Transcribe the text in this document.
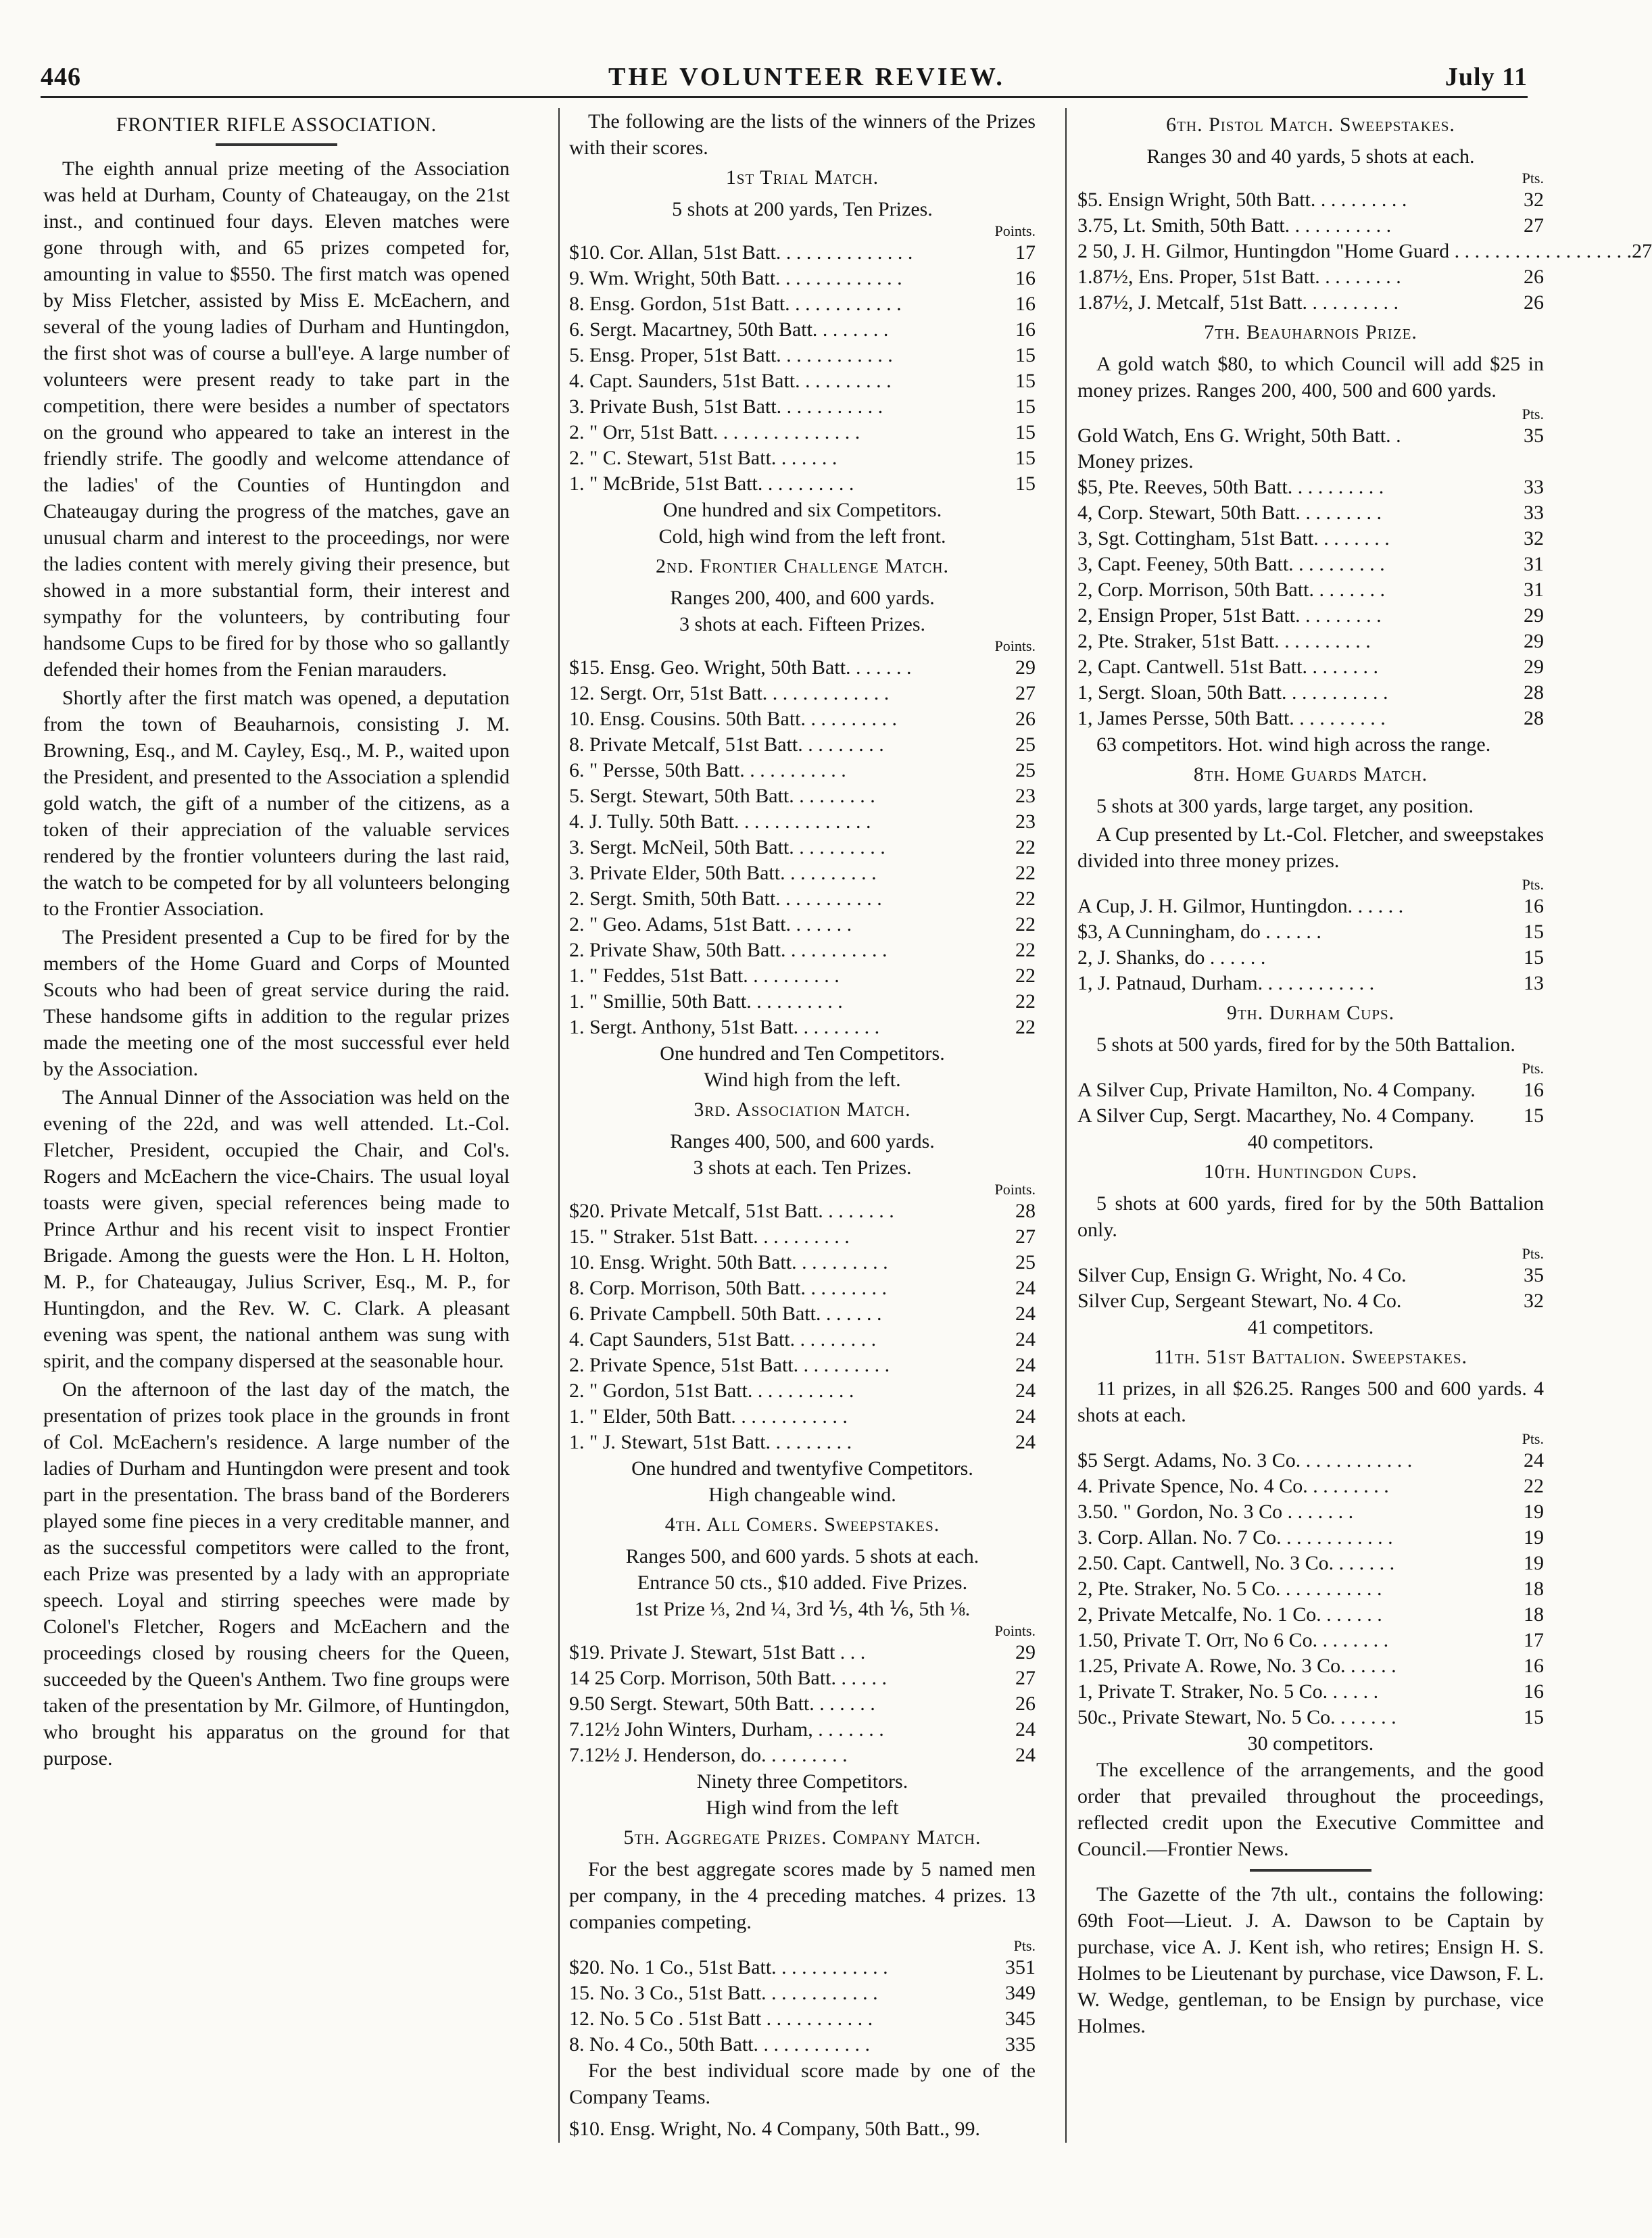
446	THE VOLUNTEER REVIEW.	July 11
FRONTIER RIFLE ASSOCIATION.

The eighth annual prize meeting of the Association was held at Durham, County of Chateaugay, on the 21st inst., and continued four days. Eleven matches were gone through with, and 65 prizes competed for, amounting in value to $550. The first match was opened by Miss Fletcher, assisted by Miss E. McEachern, and several of the young ladies of Durham and Huntingdon, the first shot was of course a bull'eye. A large number of volunteers were present ready to take part in the competition, there were besides a number of spectators on the ground who appeared to take an interest in the friendly strife. The goodly and welcome attendance of the ladies' of the Counties of Huntingdon and Chateaugay during the progress of the matches, gave an unusual charm and interest to the proceedings, nor were the ladies content with merely giving their presence, but showed in a more substantial form, their interest and sympathy for the volunteers, by contributing four handsome Cups to be fired for by those who so gallantly defended their homes from the Fenian marauders.

Shortly after the first match was opened, a deputation from the town of Beauharnois, consisting J. M. Browning, Esq., and M. Cayley, Esq., M. P., waited upon the President, and presented to the Association a splendid gold watch, the gift of a number of the citizens, as a token of their appreciation of the valuable services rendered by the frontier volunteers during the last raid, the watch to be competed for by all volunteers belonging to the Frontier Association.

The President presented a Cup to be fired for by the members of the Home Guard and Corps of Mounted Scouts who had been of great service during the raid. These handsome gifts in addition to the regular prizes made the meeting one of the most successful ever held by the Association.

The Annual Dinner of the Association was held on the evening of the 22d, and was well attended. Lt.-Col. Fletcher, President, occupied the Chair, and Col's. Rogers and McEachern the vice-Chairs. The usual loyal toasts were given, special references being made to Prince Arthur and his recent visit to inspect Frontier Brigade. Among the guests were the Hon. L H. Holton, M. P., for Chateaugay, Julius Scriver, Esq., M. P., for Huntingdon, and the Rev. W. C. Clark. A pleasant evening was spent, the national anthem was sung with spirit, and the company dispersed at the seasonable hour.

On the afternoon of the last day of the match, the presentation of prizes took place in the grounds in front of Col. McEachern's residence. A large number of the ladies of Durham and Huntingdon were present and took part in the presentation. The brass band of the Borderers played some fine pieces in a very creditable manner, and as the successful competitors were called to the front, each Prize was presented by a lady with an appropriate speech. Loyal and stirring speeches were made by Colonel's Fletcher, Rogers and McEachern and the proceedings closed by rousing cheers for the Queen, succeeded by the Queen's Anthem. Two fine groups were taken of the presentation by Mr. Gilmore, of Huntingdon, who brought his apparatus on the ground for that purpose.

The following are the lists of the winners of the Prizes with their scores.

1st Trial Match.
5 shots at 200 yards, Ten Prizes.
Points.
$10. Cor. Allan, 51st Batt. . . . . . . . . . . . . .	17
9. Wm. Wright, 50th Batt. . . . . . . . . . . . .	16
8. Ensg. Gordon, 51st Batt. . . . . . . . . . . .	16
6. Sergt. Macartney, 50th Batt. . . . . . . .	16
5. Ensg. Proper, 51st Batt. . . . . . . . . . . .	15
4. Capt. Saunders, 51st Batt. . . . . . . . . .	15
3. Private Bush, 51st Batt. . . . . . . . . . .	15
2. " Orr, 51st Batt. . . . . . . . . . . . . . .	15
2. " C. Stewart, 51st Batt. . . . . . .	15
1. " McBride, 51st Batt. . . . . . . . . .	15
One hundred and six Competitors.
Cold, high wind from the left front.
2nd. Frontier Challenge Match.
Ranges 200, 400, and 600 yards.
3 shots at each. Fifteen Prizes.
Points.
$15. Ensg. Geo. Wright, 50th Batt. . . . . . .	29
12. Sergt. Orr, 51st Batt. . . . . . . . . . . . .	27
10. Ensg. Cousins. 50th Batt. . . . . . . . . .	26
8. Private Metcalf, 51st Batt. . . . . . . . .	25
6. " Persse, 50th Batt. . . . . . . . . . .	25
5. Sergt. Stewart, 50th Batt. . . . . . . . .	23
4. J. Tully. 50th Batt. . . . . . . . . . . . . .	23
3. Sergt. McNeil, 50th Batt. . . . . . . . . .	22
3. Private Elder, 50th Batt. . . . . . . . . .	22
2. Sergt. Smith, 50th Batt. . . . . . . . . . .	22
2. " Geo. Adams, 51st Batt. . . . . . .	22
2. Private Shaw, 50th Batt. . . . . . . . . . .	22
1. " Feddes, 51st Batt. . . . . . . . . .	22
1. " Smillie, 50th Batt. . . . . . . . . .	22
1. Sergt. Anthony, 51st Batt. . . . . . . . .	22
One hundred and Ten Competitors.
Wind high from the left.
3rd. Association Match.
Ranges 400, 500, and 600 yards.
3 shots at each. Ten Prizes.
Points.
$20. Private Metcalf, 51st Batt. . . . . . . .	28
15. " Straker. 51st Batt. . . . . . . . . .	27
10. Ensg. Wright. 50th Batt. . . . . . . . . .	25
8. Corp. Morrison, 50th Batt. . . . . . . . .	24
6. Private Campbell. 50th Batt. . . . . . .	24
4. Capt Saunders, 51st Batt. . . . . . . . .	24
2. Private Spence, 51st Batt. . . . . . . . . .	24
2. " Gordon, 51st Batt. . . . . . . . . . .	24
1. " Elder, 50th Batt. . . . . . . . . . . .	24
1. " J. Stewart, 51st Batt. . . . . . . . .	24
One hundred and twentyfive Competitors.
High changeable wind.
4th. All Comers. Sweepstakes.
Ranges 500, and 600 yards. 5 shots at each.
Entrance 50 cts., $10 added. Five Prizes.
1st Prize ⅓, 2nd ¼, 3rd ⅕, 4th ⅙, 5th ⅛.
Points.
$19. Private J. Stewart, 51st Batt . . .	29
14 25 Corp. Morrison, 50th Batt. . . . . .	27
9.50 Sergt. Stewart, 50th Batt. . . . . . .	26
7.12½ John Winters, Durham, . . . . . . .	24
7.12½ J. Henderson, do. . . . . . . . .	24
Ninety three Competitors.
High wind from the left
5th. Aggregate Prizes. Company Match.

For the best aggregate scores made by 5 named men per company, in the 4 preceding matches. 4 prizes. 13 companies competing.

Pts.
$20. No. 1 Co., 51st Batt. . . . . . . . . . . .	351
15. No. 3 Co., 51st Batt. . . . . . . . . . . .	349
12. No. 5 Co . 51st Batt . . . . . . . . . . .	345
8. No. 4 Co., 50th Batt. . . . . . . . . . . .	335

For the best individual score made by one of the Company Teams.

$10. Ensg. Wright, No. 4 Company, 50th Batt., 99.
6th. Pistol Match. Sweepstakes.
Ranges 30 and 40 yards, 5 shots at each.
Pts.
$5. Ensign Wright, 50th Batt. . . . . . . . . .	32
3.75, Lt. Smith, 50th Batt. . . . . . . . . . .	27
2 50, J. H. Gilmor, Huntingdon "Home Guard . . . . . . . . . . . . . . . . . . 27
1.87½, Ens. Proper, 51st Batt. . . . . . . . .	26
1.87½, J. Metcalf, 51st Batt. . . . . . . . . .	26
7th. Beauharnois Prize.

A gold watch $80, to which Council will add $25 in money prizes. Ranges 200, 400, 500 and 600 yards.

Pts.
Gold Watch, Ens G. Wright, 50th Batt. .	35
Money prizes.
$5, Pte. Reeves, 50th Batt. . . . . . . . . .	33
4, Corp. Stewart, 50th Batt. . . . . . . . .	33
3, Sgt. Cottingham, 51st Batt. . . . . . . .	32
3, Capt. Feeney, 50th Batt. . . . . . . . . .	31
2, Corp. Morrison, 50th Batt. . . . . . . .	31
2, Ensign Proper, 51st Batt. . . . . . . . .	29
2, Pte. Straker, 51st Batt. . . . . . . . . .	29
2, Capt. Cantwell. 51st Batt. . . . . . . .	29
1, Sergt. Sloan, 50th Batt. . . . . . . . . . .	28
1, James Persse, 50th Batt. . . . . . . . . .	28

63 competitors. Hot. wind high across the range.

8th. Home Guards Match.

5 shots at 300 yards, large target, any position.

A Cup presented by Lt.-Col. Fletcher, and sweepstakes divided into three money prizes.

Pts.
A Cup, J. H. Gilmor, Huntingdon. . . . . .	16
$3, A Cunningham, do . . . . . .	15
2, J. Shanks, do . . . . . .	15
1, J. Patnaud, Durham. . . . . . . . . . . .	13
9th. Durham Cups.

5 shots at 500 yards, fired for by the 50th Battalion.

Pts.
A Silver Cup, Private Hamilton, No. 4 Company.	16
A Silver Cup, Sergt. Macarthey, No. 4 Company.	15
40 competitors.
10th. Huntingdon Cups.

5 shots at 600 yards, fired for by the 50th Battalion only.

Pts.
Silver Cup, Ensign G. Wright, No. 4 Co.	35
Silver Cup, Sergeant Stewart, No. 4 Co.	32
41 competitors.
11th. 51st Battalion. Sweepstakes.

11 prizes, in all $26.25. Ranges 500 and 600 yards. 4 shots at each.

Pts.
$5 Sergt. Adams, No. 3 Co. . . . . . . . . . . .	24
4. Private Spence, No. 4 Co. . . . . . . . .	22
3.50. " Gordon, No. 3 Co . . . . . . .	19
3. Corp. Allan. No. 7 Co. . . . . . . . . . . .	19
2.50. Capt. Cantwell, No. 3 Co. . . . . . .	19
2, Pte. Straker, No. 5 Co. . . . . . . . . . .	18
2, Private Metcalfe, No. 1 Co. . . . . . .	18
1.50, Private T. Orr, No 6 Co. . . . . . . .	17
1.25, Private A. Rowe, No. 3 Co. . . . . .	16
1, Private T. Straker, No. 5 Co. . . . . .	16
50c., Private Stewart, No. 5 Co. . . . . . .	15
30 competitors.

The excellence of the arrangements, and the good order that prevailed throughout the proceedings, reflected credit upon the Executive Committee and Council.—Frontier News.

The Gazette of the 7th ult., contains the following: 69th Foot—Lieut. J. A. Dawson to be Captain by purchase, vice A. J. Kent ish, who retires; Ensign H. S. Holmes to be Lieutenant by purchase, vice Dawson, F. L. W. Wedge, gentleman, to be Ensign by purchase, vice Holmes.
